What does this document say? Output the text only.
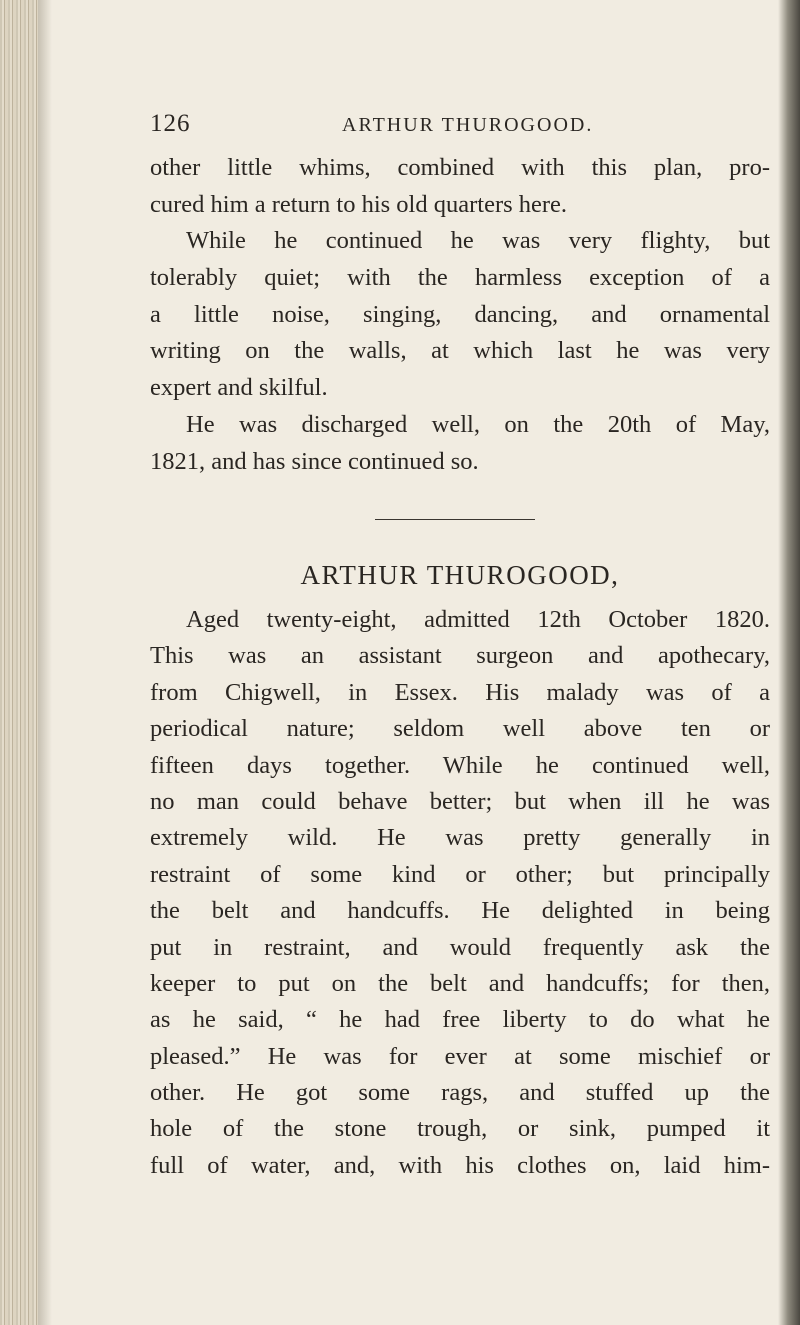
126	ARTHUR THUROGOOD.
other little whims, combined with this plan, pro-
cured him a return to his old quarters here.
While he continued he was very flighty, but
tolerably quiet; with the harmless exception of a
a little noise, singing, dancing, and ornamental
writing on the walls, at which last he was very
expert and skilful.
He was discharged well, on the 20th of May,
1821, and has since continued so.
ARTHUR THUROGOOD,
Aged twenty-eight, admitted 12th October 1820.
This was an assistant surgeon and apothecary,
from Chigwell, in Essex. His malady was of a
periodical nature; seldom well above ten or
fifteen days together. While he continued well,
no man could behave better; but when ill he was
extremely wild. He was pretty generally in
restraint of some kind or other; but principally
the belt and handcuffs. He delighted in being
put in restraint, and would frequently ask the
keeper to put on the belt and handcuffs; for then,
as he said, “ he had free liberty to do what he
pleased.” He was for ever at some mischief or
other. He got some rags, and stuffed up the
hole of the stone trough, or sink, pumped it
full of water, and, with his clothes on, laid him-
